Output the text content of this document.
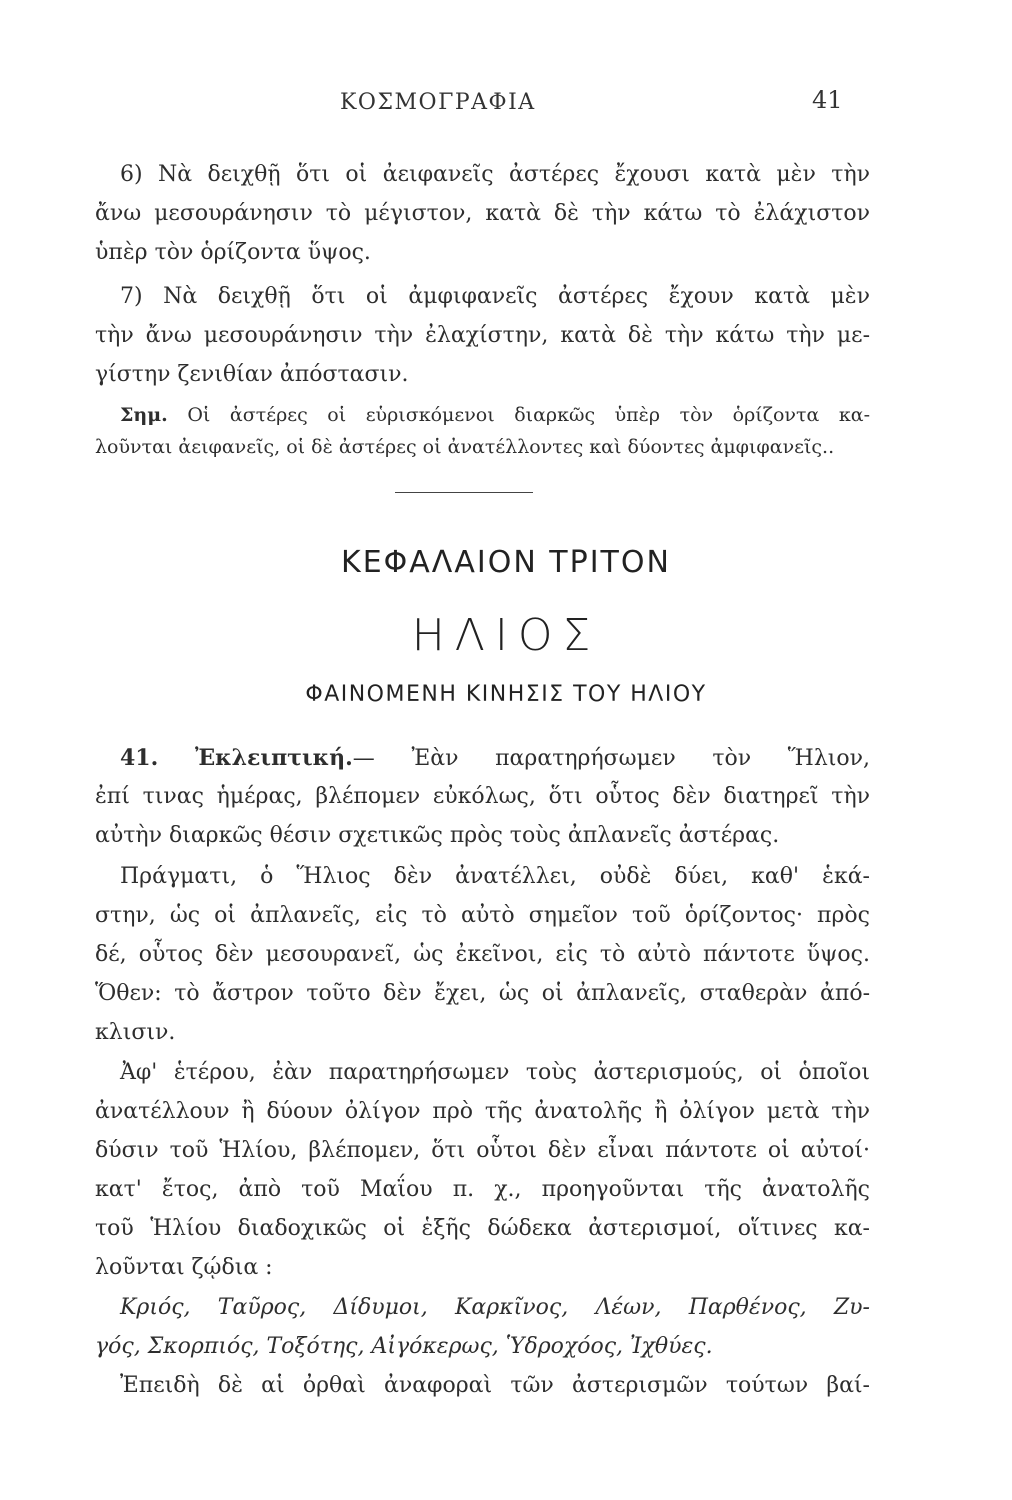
ΚΟΣΜΟΓΡΑΦΙΑ	41
6) Νὰ δειχθῇ ὅτι οἱ ἀειφανεῖς ἀστέρες ἔχουσι κατὰ μὲν τὴν
ἄνω μεσουράνησιν τὸ μέγιστον, κατὰ δὲ τὴν κάτω τὸ ἐλάχιστον
ὑπὲρ τὸν ὁρίζοντα ὕψος.
7) Νὰ δειχθῇ ὅτι οἱ ἀμφιφανεῖς ἀστέρες ἔχουν κατὰ μὲν
τὴν ἄνω μεσουράνησιν τὴν ἐλαχίστην, κατὰ δὲ τὴν κάτω τὴν με-
γίστην ζενιθίαν ἀπόστασιν.
Σημ. Οἱ ἀστέρες οἱ εὑρισκόμενοι διαρκῶς ὑπὲρ τὸν ὁρίζοντα κα-
λοῦνται ἀειφανεῖς, οἱ δὲ ἀστέρες οἱ ἀνατέλλοντες καὶ δύοντες ἀμφιφανεῖς..
ΚΕΦΑΛΑΙΟΝ ΤΡΙΤΟΝ
ΗΛΙΟΣ
ΦΑΙΝΟΜΕΝΗ ΚΙΝΗΣΙΣ ΤΟΥ ΗΛΙΟΥ
41. Ἐκλειπτική.— Ἐὰν παρατηρήσωμεν τὸν Ἥλιον,
ἐπί τινας ἡμέρας, βλέπομεν εὐκόλως, ὅτι οὗτος δὲν διατηρεῖ τὴν
αὐτὴν διαρκῶς θέσιν σχετικῶς πρὸς τοὺς ἀπλανεῖς ἀστέρας.
Πράγματι, ὁ Ἥλιος δὲν ἀνατέλλει, οὐδὲ δύει, καθ' ἑκά-
στην, ὡς οἱ ἀπλανεῖς, εἰς τὸ αὐτὸ σημεῖον τοῦ ὁρίζοντος· πρὸς
δέ, οὗτος δὲν μεσουρανεῖ, ὡς ἐκεῖνοι, εἰς τὸ αὐτὸ πάντοτε ὕψος.
Ὅθεν: τὸ ἄστρον τοῦτο δὲν ἔχει, ὡς οἱ ἀπλανεῖς, σταθερὰν ἀπό-
κλισιν.
Ἀφ' ἑτέρου, ἐὰν παρατηρήσωμεν τοὺς ἀστερισμούς, οἱ ὁποῖοι
ἀνατέλλουν ἢ δύουν ὀλίγον πρὸ τῆς ἀνατολῆς ἢ ὀλίγον μετὰ τὴν
δύσιν τοῦ Ἡλίου, βλέπομεν, ὅτι οὗτοι δὲν εἶναι πάντοτε οἱ αὐτοί·
κατ' ἔτος, ἀπὸ τοῦ Μαΐου π. χ., προηγοῦνται τῆς ἀνατολῆς
τοῦ Ἡλίου διαδοχικῶς οἱ ἑξῆς δώδεκα ἀστερισμοί, οἵτινες κα-
λοῦνται ζῴδια :
Κριός, Ταῦρος, Δίδυμοι, Καρκῖνος, Λέων, Παρθένος, Ζυ-
γός, Σκορπιός, Τοξότης, Αἰγόκερως, Ὑδροχόος, Ἰχθύες.
Ἐπειδὴ δὲ αἱ ὀρθαὶ ἀναφοραὶ τῶν ἀστερισμῶν τούτων βαί-
